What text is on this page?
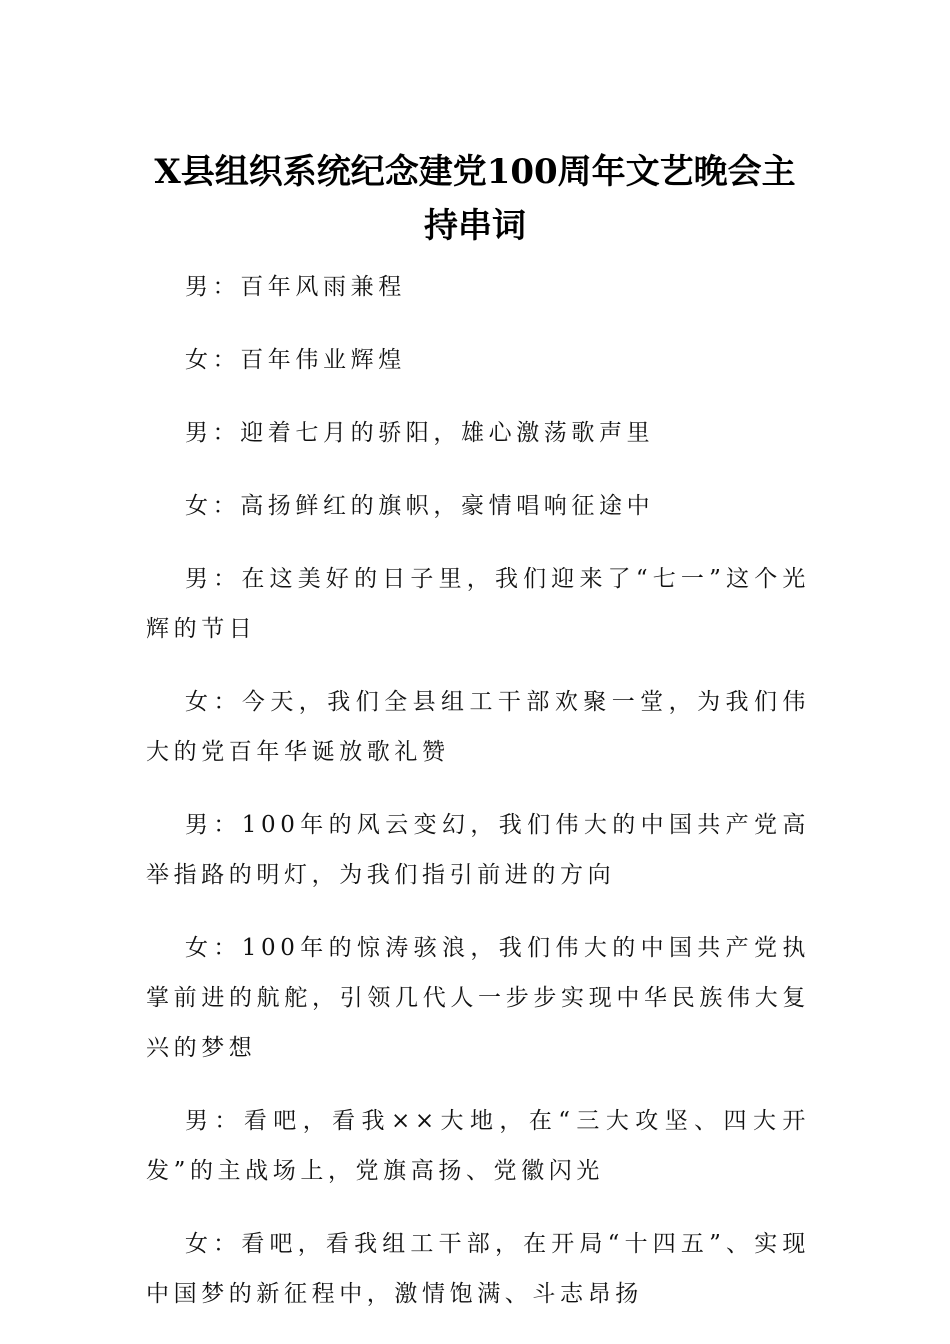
X县组织系统纪念建党100周年文艺晚会主持串词

男：百年风雨兼程

女：百年伟业辉煌

男：迎着七月的骄阳，雄心激荡歌声里

女：高扬鲜红的旗帜，豪情唱响征途中

男：在这美好的日子里，我们迎来了“七一”这个光辉的节日

女：今天，我们全县组工干部欢聚一堂，为我们伟大的党百年华诞放歌礼赞

男：100年的风云变幻，我们伟大的中国共产党高举指路的明灯，为我们指引前进的方向

女：100年的惊涛骇浪，我们伟大的中国共产党执掌前进的航舵，引领几代人一步步实现中华民族伟大复兴的梦想

男：看吧，看我××大地，在“三大攻坚、四大开发”的主战场上，党旗高扬、党徽闪光

女：看吧，看我组工干部，在开局“十四五”、实现中国梦的新征程中，激情饱满、斗志昂扬
